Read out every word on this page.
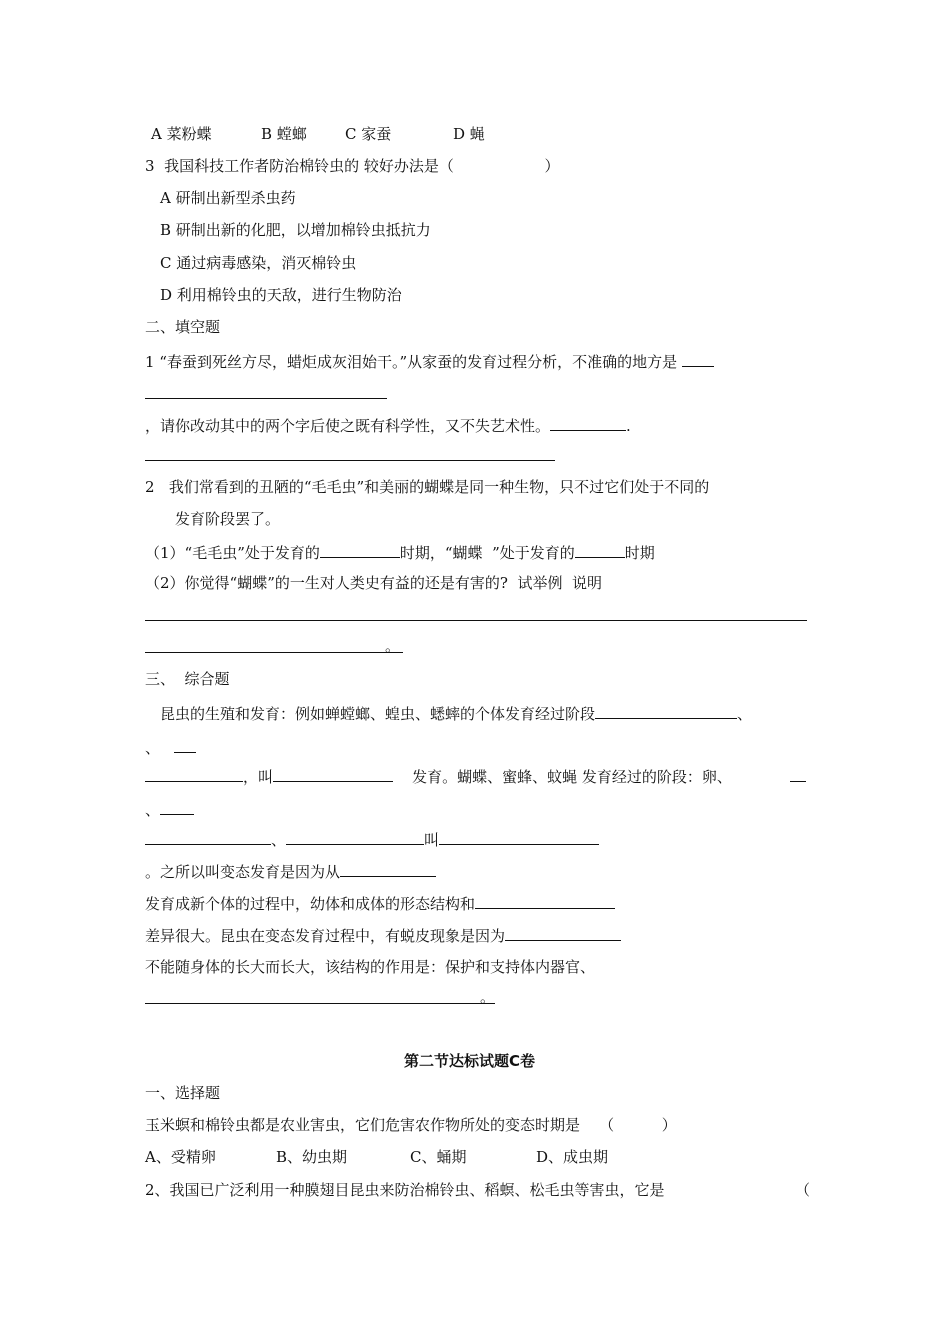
A 菜粉蝶	B 螳螂	C 家蚕	D 蝇
3  我国科技工作者防治棉铃虫的 较好办法是（                   ）
A 研制出新型杀虫药
B 研制出新的化肥，以增加棉铃虫抵抗力
C 通过病毒感染，消灭棉铃虫
D 利用棉铃虫的天敌，进行生物防治
二、填空题
1 “春蚕到死丝方尽，蜡炬成灰泪始干。”从家蚕的发育过程分析，不准确的地方是
，请你改动其中的两个字后使之既有科学性，又不失艺术性。	.
2   我们常看到的丑陋的“毛毛虫”和美丽的蝴蝶是同一种生物，只不过它们处于不同的
发育阶段罢了。
（1）“毛毛虫”处于发育的	时期，“蝴蝶  ”处于发育的	时期
（2）你觉得“蝴蝶”的一生对人类史有益的还是有害的?  试举例  说明
。
三、  综合题
昆虫的生殖和发育：例如蝉螳螂、蝗虫、蟋蟀的个体发育经过阶段	、
、
，叫	发育。蝴蝶、蜜蜂、蚊蝇 发育经过的阶段：卵、
、
、	叫
。之所以叫变态发育是因为从
发育成新个体的过程中，幼体和成体的形态结构和
差异很大。昆虫在变态发育过程中，有蜕皮现象是因为
不能随身体的长大而长大，该结构的作用是：保护和支持体内器官、
。
第二节达标试题C卷
一、选择题
玉米螟和棉铃虫都是农业害虫，它们危害农作物所处的变态时期是    （          ）
A、受精卵	B、幼虫期	C、蛹期	D、成虫期
2、我国已广泛利用一种膜翅目昆虫来防治棉铃虫、稻螟、松毛虫等害虫，它是	（
